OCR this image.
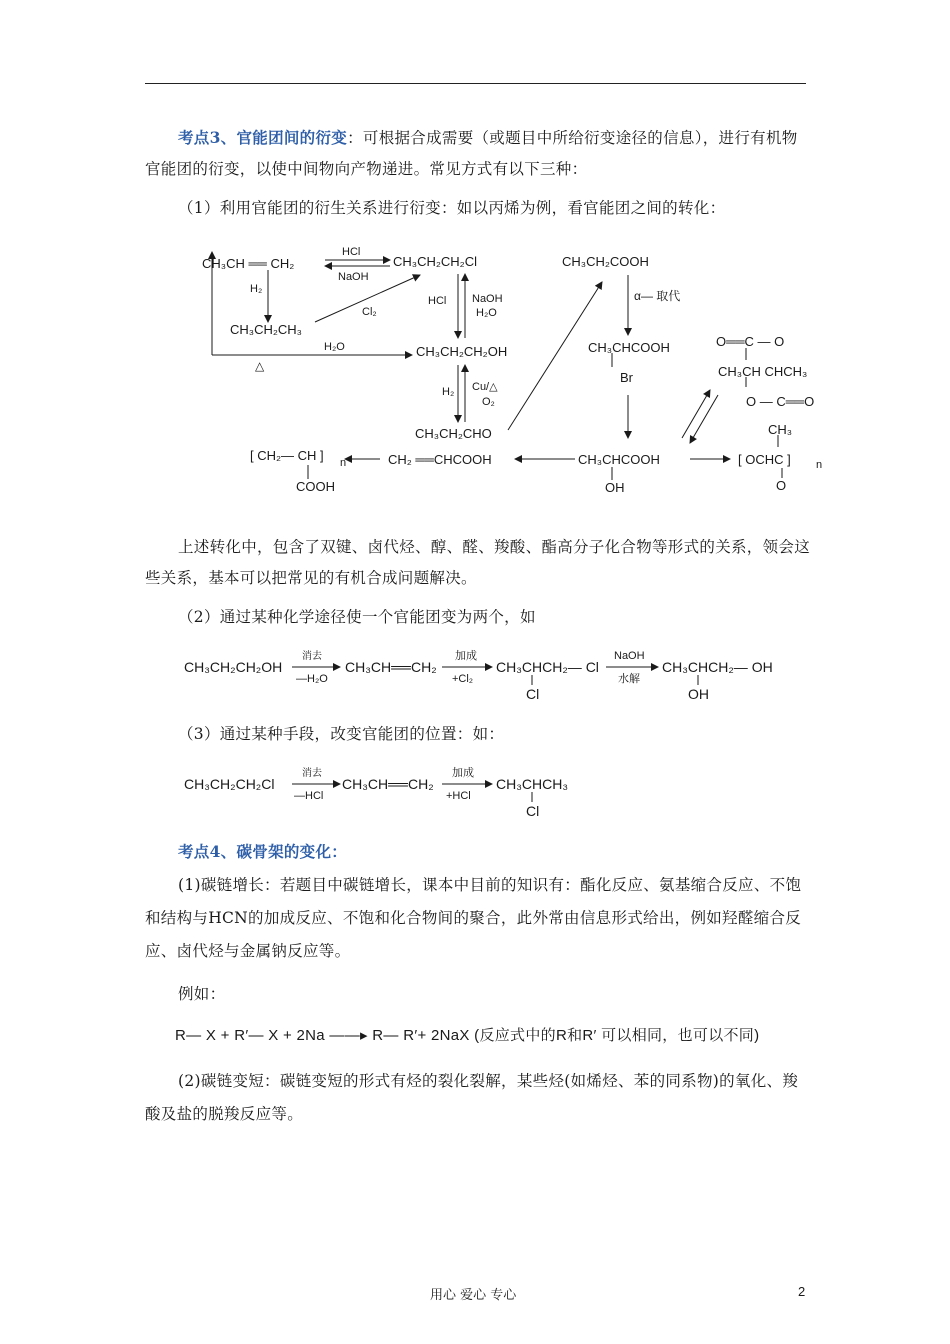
考点3、官能团间的衍变：可根据合成需要（或题目中所给衍变途径的信息），进行有机物官能团的衍变，以使中间物向产物递进。常见方式有以下三种：
（1）利用官能团的衍生关系进行衍变：如以丙烯为例，看官能团之间的转化：
CH₃CH ══ CH₂
HCl
NaOH
CH₃CH₂CH₂Cl
H₂
Cl₂
CH₃CH₂CH₃
H₂O
△
HCl NaOH
H₂O
CH₃CH₂CH₂OH
H₂ Cu/△
O₂
CH₃CH₂CHO
CH₃CH₂COOH
α— 取代
CH₃CHCOOH
Br
CH₃CHCOOH
OH
CH₂ ══CHCOOH
[ CH₂— CH ] n
COOH
O══C — O
CH₃CH CHCH₃
O — C══O
CH₃
[ OCHC ] n
O
上述转化中，包含了双键、卤代烃、醇、醛、羧酸、酯高分子化合物等形式的关系，领会这些关系，基本可以把常见的有机合成问题解决。
（2）通过某种化学途径使一个官能团变为两个，如
CH₃CH₂CH₂OH
消去
—H₂O
CH₃CH══CH₂
加成
+Cl₂
CH₃CHCH₂— Cl
Cl
NaOH
水解
CH₃CHCH₂— OH
OH
（3）通过某种手段，改变官能团的位置：如：
CH₃CH₂CH₂Cl
消去
—HCl
CH₃CH══CH₂
加成
+HCl
CH₃CHCH₃
Cl
考点4、碳骨架的变化：
(1)碳链增长：若题目中碳链增长，课本中目前的知识有：酯化反应、氨基缩合反应、不饱和结构与HCN的加成反应、不饱和化合物间的聚合，此外常由信息形式给出，例如羟醛缩合反应、卤代烃与金属钠反应等。
例如：
R— X + R′— X + 2Na ——▸ R— R′+ 2NaX (反应式中的R和R′ 可以相同，也可以不同)
(2)碳链变短：碳链变短的形式有烃的裂化裂解，某些烃(如烯烃、苯的同系物)的氧化、羧酸及盐的脱羧反应等。
用心 爱心 专心	2
